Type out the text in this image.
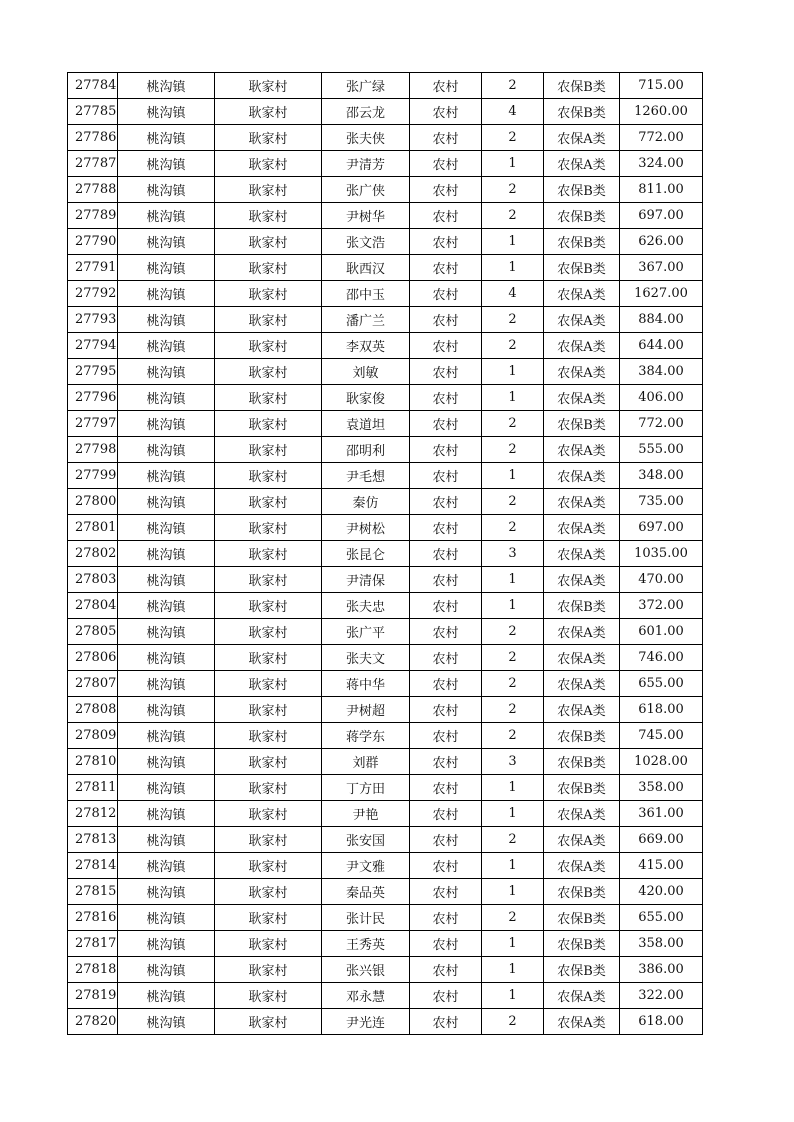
27784	桃沟镇	耿家村	张广绿	农村	2	农保B类	715.00
27785	桃沟镇	耿家村	邵云龙	农村	4	农保B类	1260.00
27786	桃沟镇	耿家村	张夫侠	农村	2	农保A类	772.00
27787	桃沟镇	耿家村	尹清芳	农村	1	农保A类	324.00
27788	桃沟镇	耿家村	张广侠	农村	2	农保B类	811.00
27789	桃沟镇	耿家村	尹树华	农村	2	农保B类	697.00
27790	桃沟镇	耿家村	张文浩	农村	1	农保B类	626.00
27791	桃沟镇	耿家村	耿西汉	农村	1	农保B类	367.00
27792	桃沟镇	耿家村	邵中玉	农村	4	农保A类	1627.00
27793	桃沟镇	耿家村	潘广兰	农村	2	农保A类	884.00
27794	桃沟镇	耿家村	李双英	农村	2	农保A类	644.00
27795	桃沟镇	耿家村	刘敏	农村	1	农保A类	384.00
27796	桃沟镇	耿家村	耿家俊	农村	1	农保A类	406.00
27797	桃沟镇	耿家村	袁道坦	农村	2	农保B类	772.00
27798	桃沟镇	耿家村	邵明利	农村	2	农保A类	555.00
27799	桃沟镇	耿家村	尹毛想	农村	1	农保A类	348.00
27800	桃沟镇	耿家村	秦仿	农村	2	农保A类	735.00
27801	桃沟镇	耿家村	尹树松	农村	2	农保A类	697.00
27802	桃沟镇	耿家村	张昆仑	农村	3	农保A类	1035.00
27803	桃沟镇	耿家村	尹清保	农村	1	农保A类	470.00
27804	桃沟镇	耿家村	张夫忠	农村	1	农保B类	372.00
27805	桃沟镇	耿家村	张广平	农村	2	农保A类	601.00
27806	桃沟镇	耿家村	张夫文	农村	2	农保A类	746.00
27807	桃沟镇	耿家村	蒋中华	农村	2	农保A类	655.00
27808	桃沟镇	耿家村	尹树超	农村	2	农保A类	618.00
27809	桃沟镇	耿家村	蒋学东	农村	2	农保B类	745.00
27810	桃沟镇	耿家村	刘群	农村	3	农保B类	1028.00
27811	桃沟镇	耿家村	丁方田	农村	1	农保B类	358.00
27812	桃沟镇	耿家村	尹艳	农村	1	农保A类	361.00
27813	桃沟镇	耿家村	张安国	农村	2	农保A类	669.00
27814	桃沟镇	耿家村	尹文雅	农村	1	农保A类	415.00
27815	桃沟镇	耿家村	秦品英	农村	1	农保B类	420.00
27816	桃沟镇	耿家村	张计民	农村	2	农保B类	655.00
27817	桃沟镇	耿家村	王秀英	农村	1	农保B类	358.00
27818	桃沟镇	耿家村	张兴银	农村	1	农保B类	386.00
27819	桃沟镇	耿家村	邓永慧	农村	1	农保A类	322.00
27820	桃沟镇	耿家村	尹光连	农村	2	农保A类	618.00
